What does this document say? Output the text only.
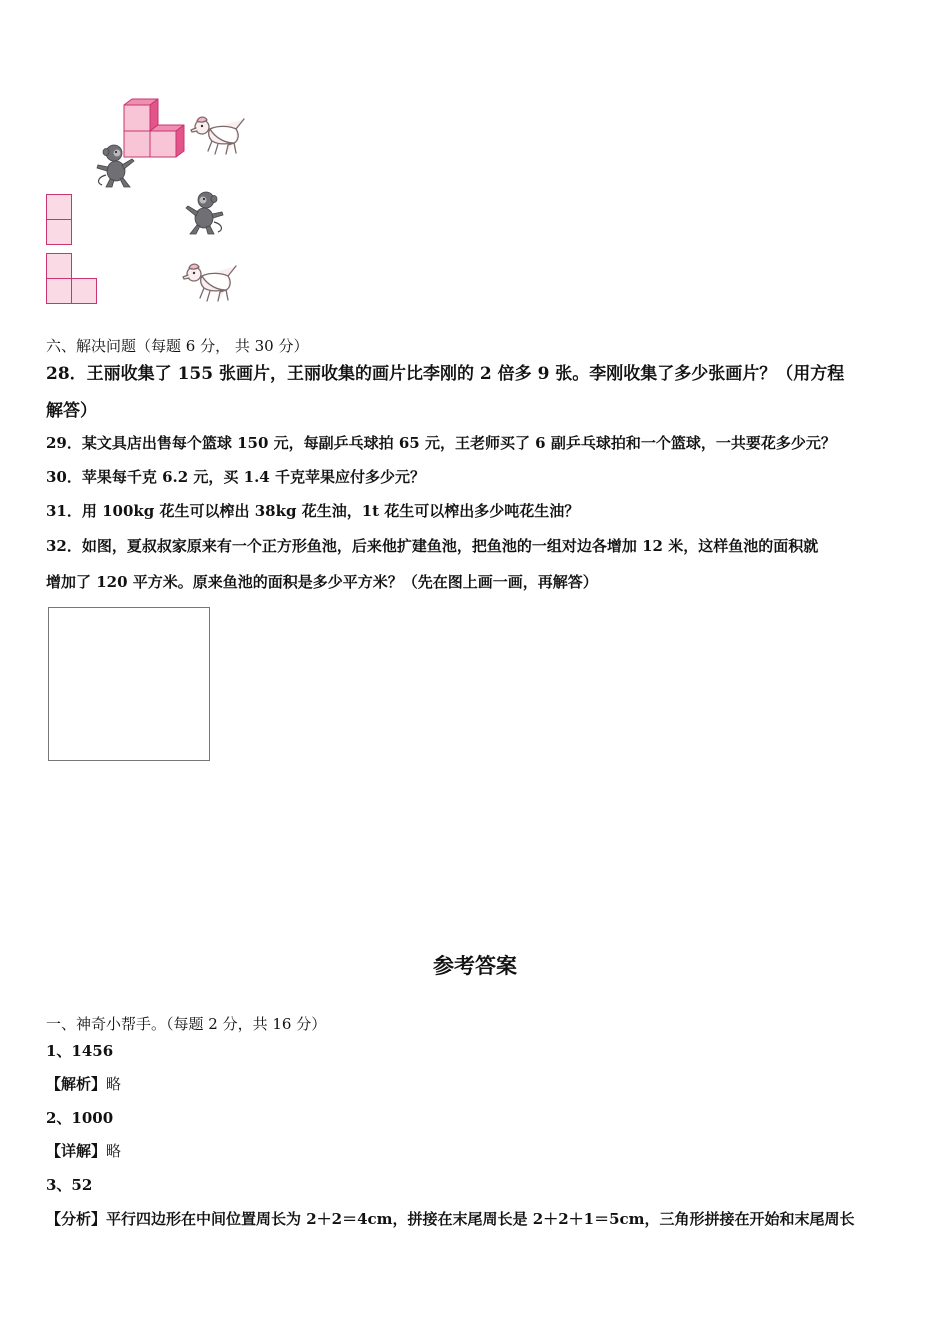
六、解决问题（每题 6 分， 共 30 分）
28．王丽收集了 155 张画片，王丽收集的画片比李刚的 2 倍多 9 张。李刚收集了多少张画片？（用方程
解答）
29．某文具店出售每个篮球 150 元，每副乒乓球拍 65 元，王老师买了 6 副乒乓球拍和一个篮球，一共要花多少元？
30．苹果每千克 6.2 元，买 1.4 千克苹果应付多少元？
31．用 100kg 花生可以榨出 38kg 花生油，1t 花生可以榨出多少吨花生油？
32．如图，夏叔叔家原来有一个正方形鱼池，后来他扩建鱼池，把鱼池的一组对边各增加 12 米，这样鱼池的面积就
增加了 120 平方米。原来鱼池的面积是多少平方米？（先在图上画一画，再解答）
参考答案
一、神奇小帮手。（每题 2 分，共 16 分）
1、1456
【解析】略
2、1000
【详解】略
3、52
【分析】平行四边形在中间位置周长为 2＋2＝4cm，拼接在末尾周长是 2＋2＋1＝5cm，三角形拼接在开始和末尾周长
